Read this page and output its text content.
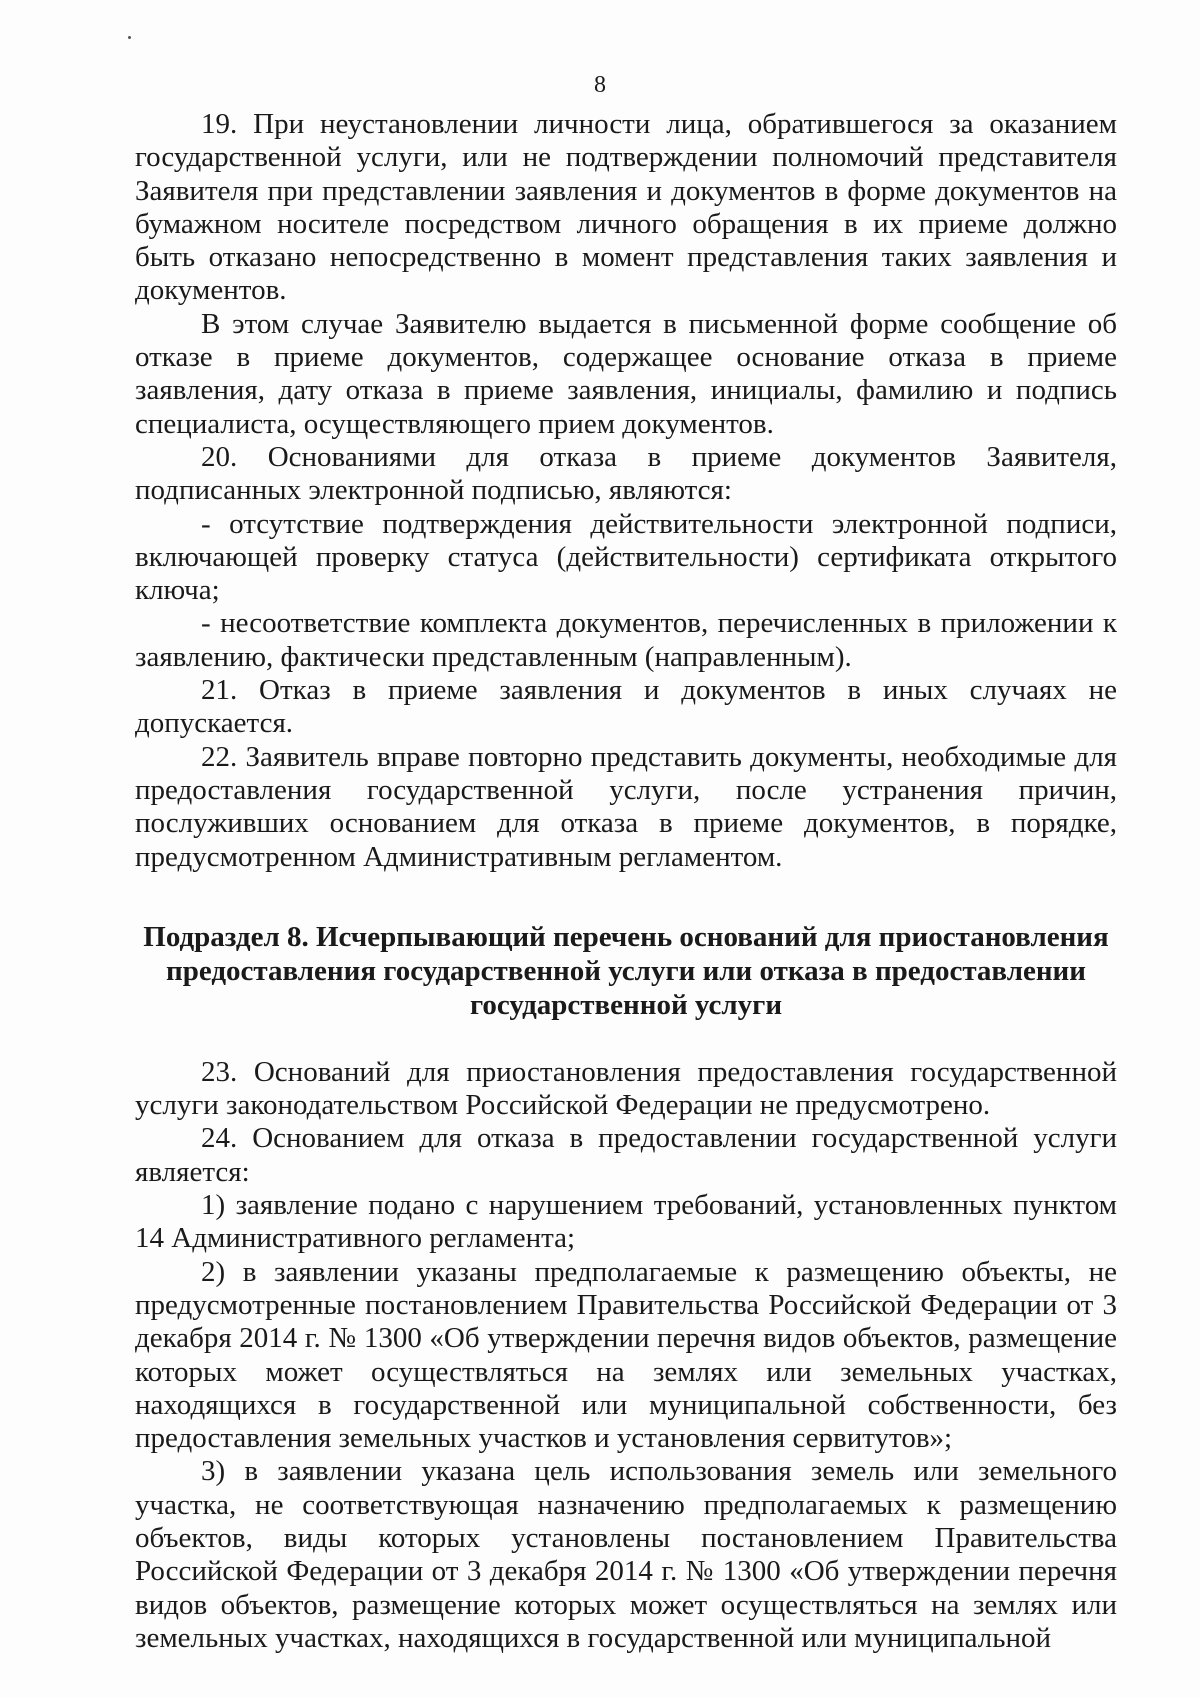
8

19. При неустановлении личности лица, обратившегося за оказанием государственной услуги, или не подтверждении полномочий представителя Заявителя при представлении заявления и документов в форме документов на бумажном носителе посредством личного обращения в их приеме должно быть отказано непосредственно в момент представления таких заявления и документов.

В этом случае Заявителю выдается в письменной форме сообщение об отказе в приеме документов, содержащее основание отказа в приеме заявления, дату отказа в приеме заявления, инициалы, фамилию и подпись специалиста, осуществляющего прием документов.

20. Основаниями для отказа в приеме документов Заявителя, подписанных электронной подписью, являются:

- отсутствие подтверждения действительности электронной подписи, включающей проверку статуса (действительности) сертификата открытого ключа;

- несоответствие комплекта документов, перечисленных в приложении к заявлению, фактически представленным (направленным).

21. Отказ в приеме заявления и документов в иных случаях не допускается.

22. Заявитель вправе повторно представить документы, необходимые для предоставления государственной услуги, после устранения причин, послуживших основанием для отказа в приеме документов, в порядке, предусмотренном Административным регламентом.

Подраздел 8. Исчерпывающий перечень оснований для приостановления
предоставления государственной услуги или отказа в предоставлении
государственной услуги

23. Оснований для приостановления предоставления государственной услуги законодательством Российской Федерации не предусмотрено.

24. Основанием для отказа в предоставлении государственной услуги является:

1) заявление подано с нарушением требований, установленных пунктом 14 Административного регламента;

2) в заявлении указаны предполагаемые к размещению объекты, не предусмотренные постановлением Правительства Российской Федерации от 3 декабря 2014 г. № 1300 «Об утверждении перечня видов объектов, размещение которых может осуществляться на землях или земельных участках, находящихся в государственной или муниципальной собственности, без предоставления земельных участков и установления сервитутов»;

3) в заявлении указана цель использования земель или земельного участка, не соответствующая назначению предполагаемых к размещению объектов, виды которых установлены постановлением Правительства Российской Федерации от 3 декабря 2014 г. № 1300 «Об утверждении перечня видов объектов, размещение которых может осуществляться на землях или земельных участках, находящихся в государственной или муниципальной
